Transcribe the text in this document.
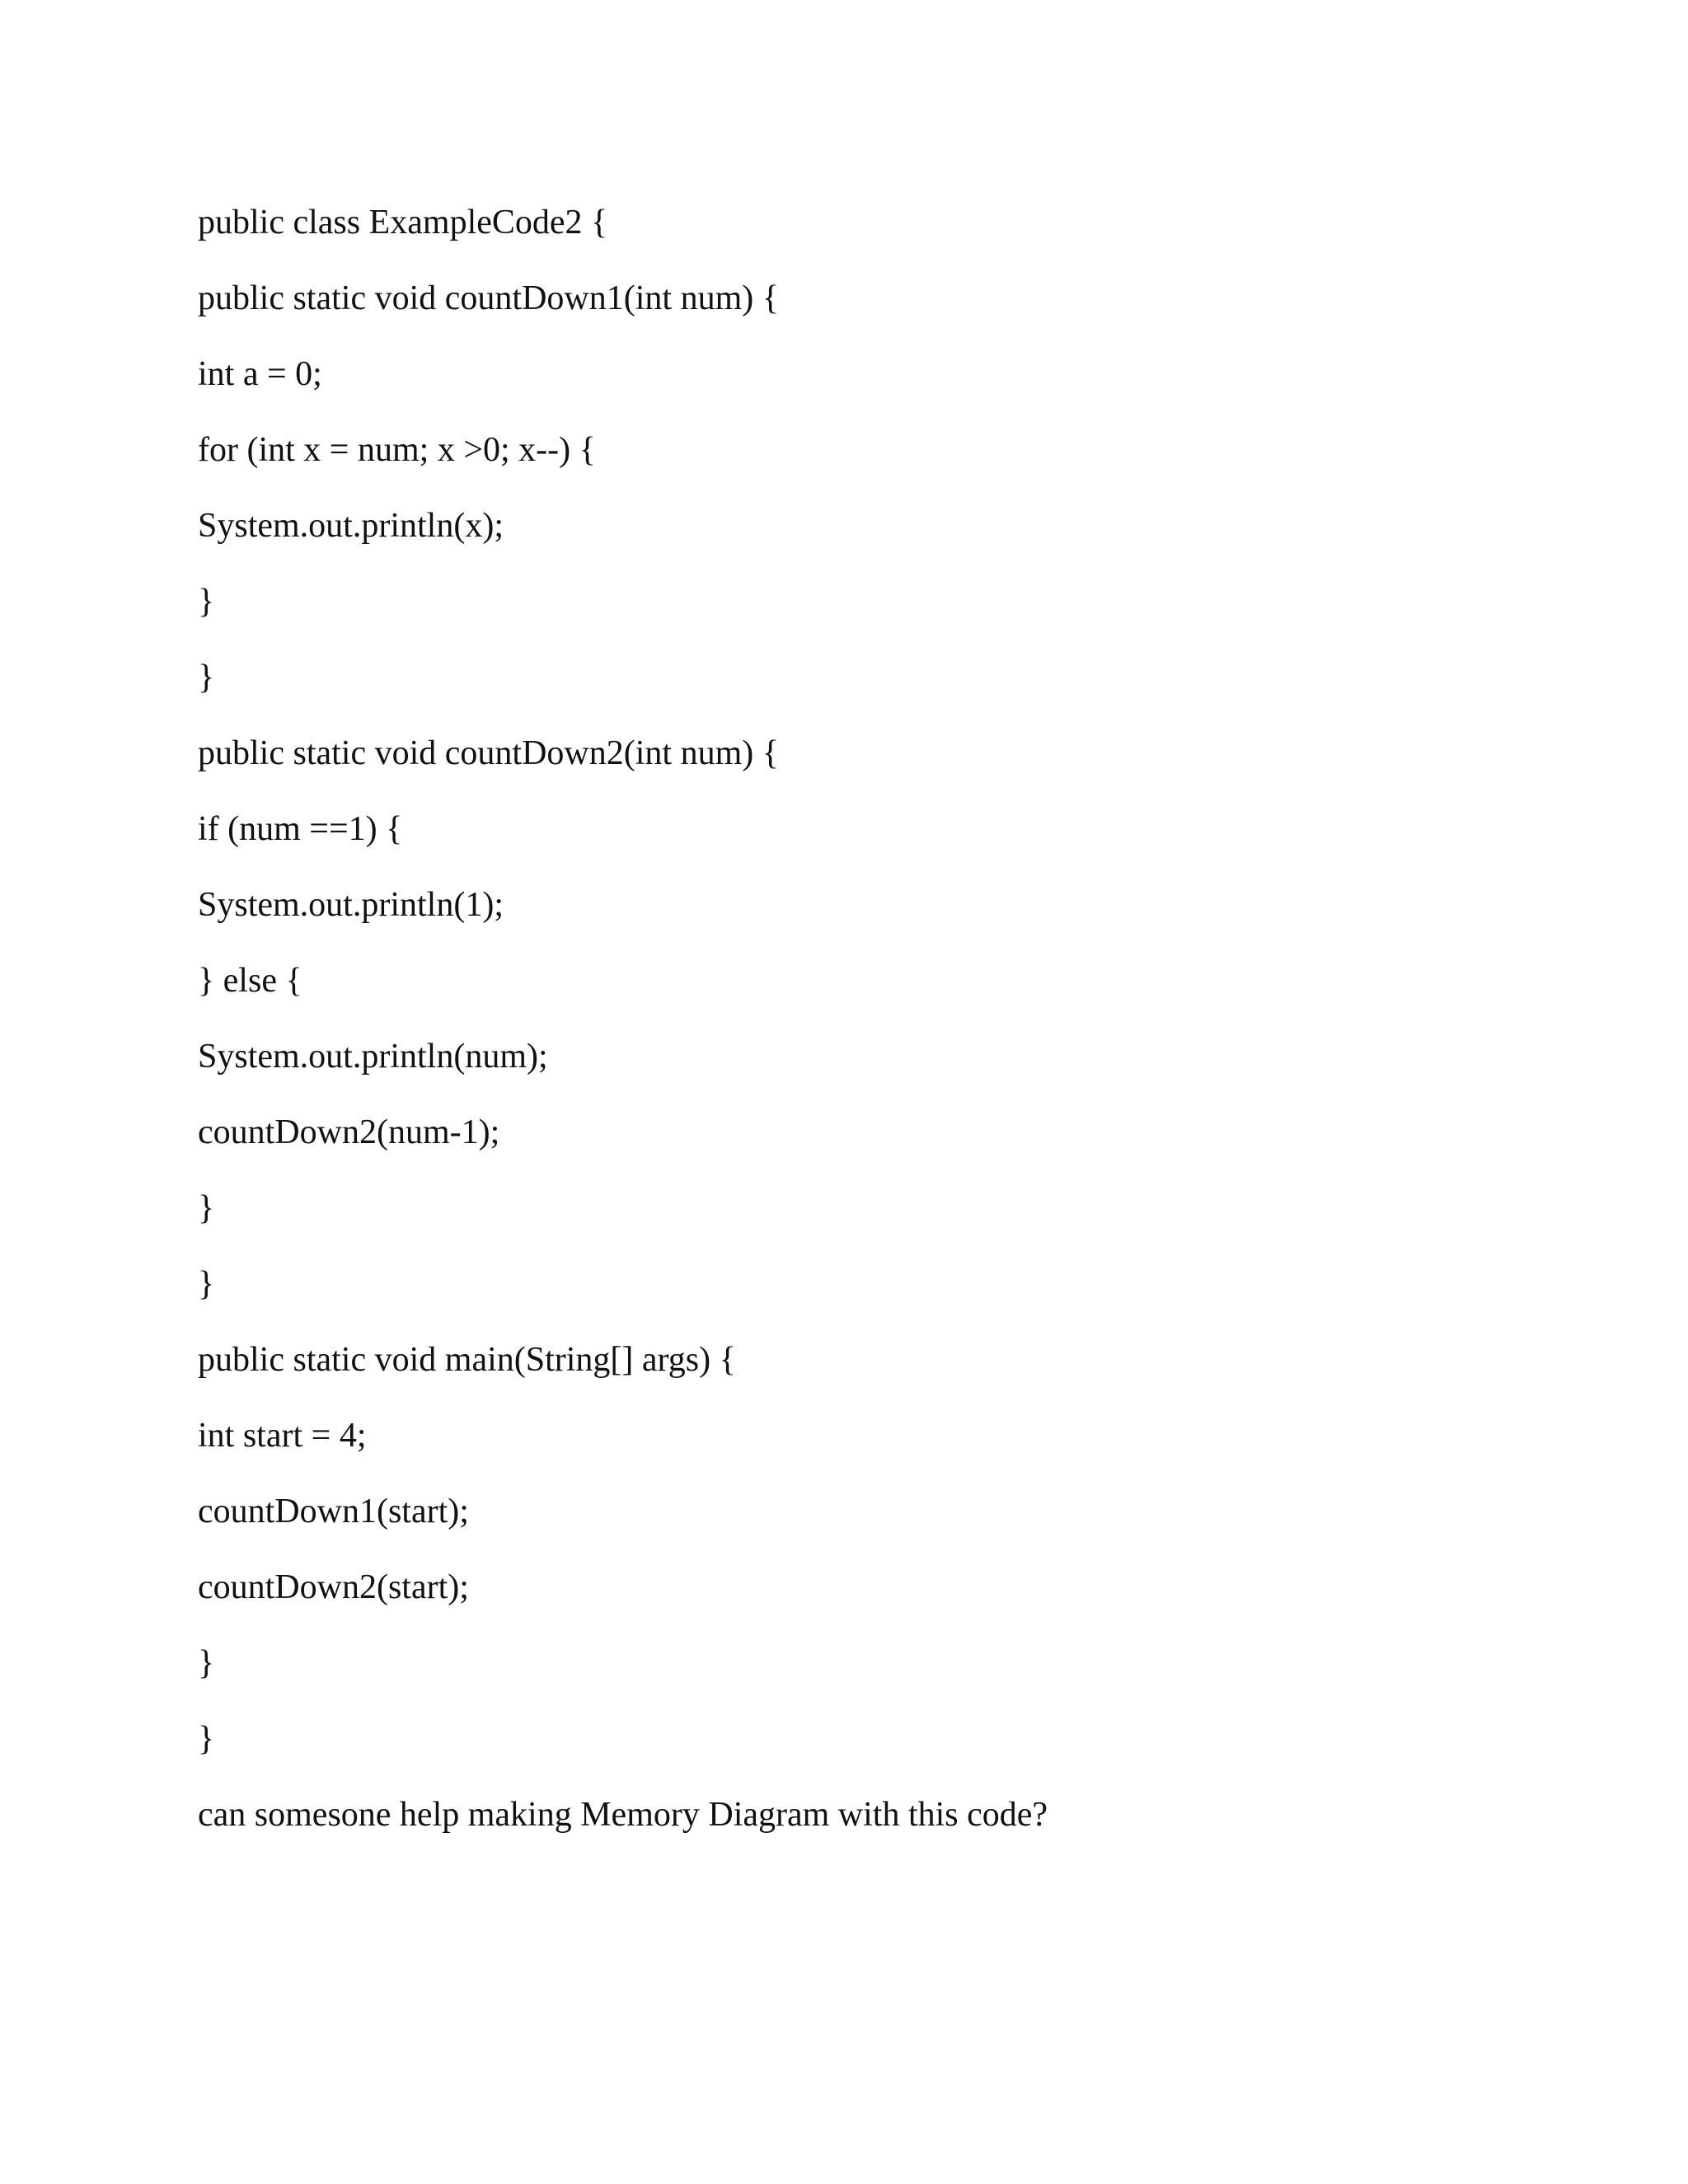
public class ExampleCode2 {
public static void countDown1(int num) {
int a = 0;
for (int x = num; x >0; x--) {
System.out.println(x);
}
}
public static void countDown2(int num) {
if (num ==1) {
System.out.println(1);
} else {
System.out.println(num);
countDown2(num-1);
}
}
public static void main(String[] args) {
int start = 4;
countDown1(start);
countDown2(start);
}
}
can somesone help making Memory Diagram with this code?
